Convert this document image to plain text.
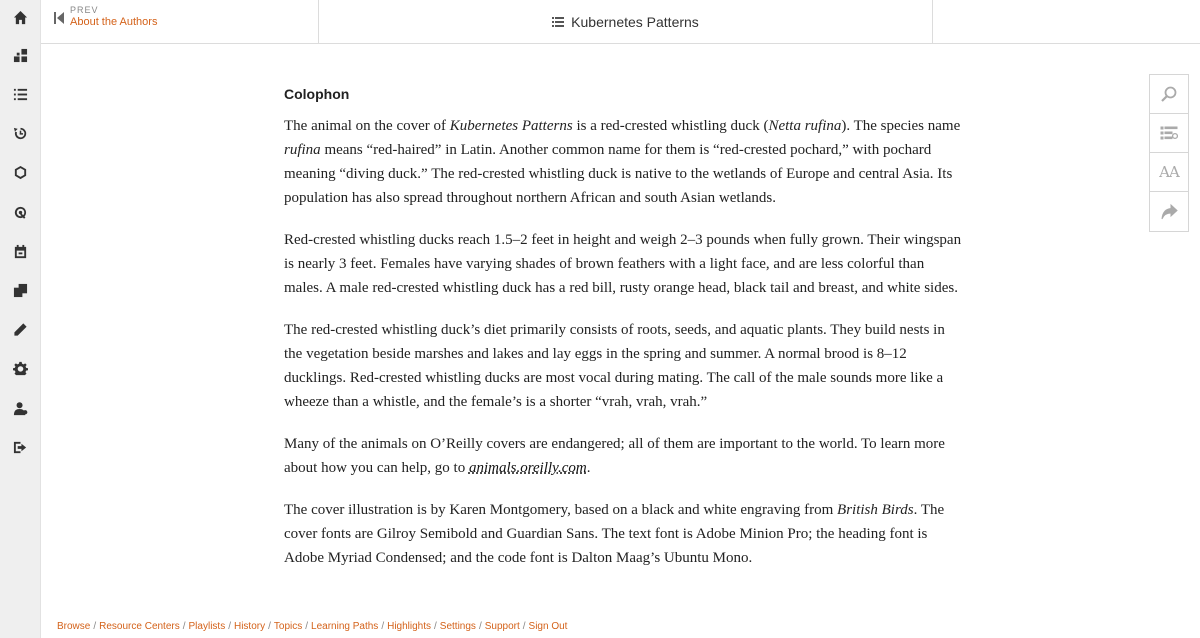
PREV
About the Authors	Kubernetes Patterns
AA
Colophon

The animal on the cover of Kubernetes Patterns is a red-crested whistling duck (Netta rufina). The species name rufina means “red-haired” in Latin. Another common name for them is “red-crested pochard,” with pochard meaning “diving duck.” The red-crested whistling duck is native to the wetlands of Europe and central Asia. Its population has also spread throughout northern African and south Asian wetlands.

Red-crested whistling ducks reach 1.5–2 feet in height and weigh 2–3 pounds when fully grown. Their wingspan is nearly 3 feet. Females have varying shades of brown feathers with a light face, and are less colorful than males. A male red-crested whistling duck has a red bill, rusty orange head, black tail and breast, and white sides.

The red-crested whistling duck’s diet primarily consists of roots, seeds, and aquatic plants. They build nests in the vegetation beside marshes and lakes and lay eggs in the spring and summer. A normal brood is 8–12 ducklings. Red-crested whistling ducks are most vocal during mating. The call of the male sounds more like a wheeze than a whistle, and the female’s is a shorter “vrah, vrah, vrah.”

Many of the animals on O’Reilly covers are endangered; all of them are important to the world. To learn more about how you can help, go to animals.oreilly.com.

The cover illustration is by Karen Montgomery, based on a black and white engraving from British Birds. The cover fonts are Gilroy Semibold and Guardian Sans. The text font is Adobe Minion Pro; the heading font is Adobe Myriad Condensed; and the code font is Dalton Maag’s Ubuntu Mono.

Browse / Resource Centers / Playlists / History / Topics / Learning Paths / Highlights / Settings / Support / Sign Out
